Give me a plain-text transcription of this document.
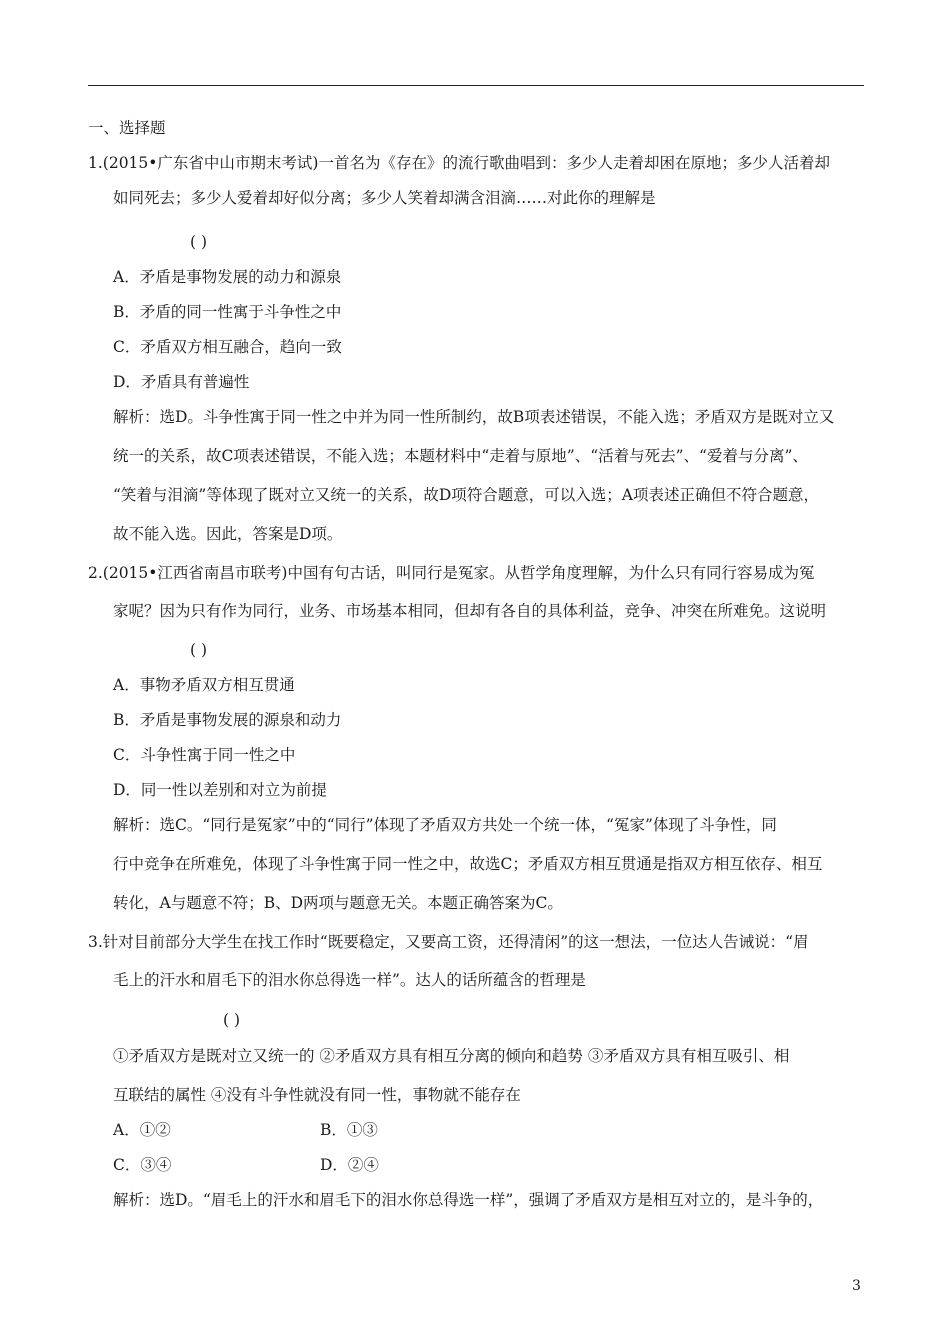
一、选择题
1.(2015•广东省中山市期末考试)一首名为《存在》的流行歌曲唱到：多少人走着却困在原地；多少人活着却
如同死去；多少人爱着却好似分离；多少人笑着却满含泪滴……对此你的理解是
( )
A．矛盾是事物发展的动力和源泉
B．矛盾的同一性寓于斗争性之中
C．矛盾双方相互融合，趋向一致
D．矛盾具有普遍性
解析：选D。斗争性寓于同一性之中并为同一性所制约，故B项表述错误，不能入选；矛盾双方是既对立又
统一的关系，故C项表述错误，不能入选；本题材料中“走着与原地”、“活着与死去”、“爱着与分离”、
“笑着与泪滴”等体现了既对立又统一的关系，故D项符合题意，可以入选；A项表述正确但不符合题意，
故不能入选。因此，答案是D项。
2.(2015•江西省南昌市联考)中国有句古话，叫同行是冤家。从哲学角度理解，为什么只有同行容易成为冤
家呢？因为只有作为同行，业务、市场基本相同，但却有各自的具体利益，竞争、冲突在所难免。这说明
( )
A．事物矛盾双方相互贯通
B．矛盾是事物发展的源泉和动力
C．斗争性寓于同一性之中
D．同一性以差别和对立为前提
解析：选C。“同行是冤家”中的“同行”体现了矛盾双方共处一个统一体，“冤家”体现了斗争性，同
行中竞争在所难免，体现了斗争性寓于同一性之中，故选C；矛盾双方相互贯通是指双方相互依存、相互
转化，A与题意不符；B、D两项与题意无关。本题正确答案为C。
3.针对目前部分大学生在找工作时“既要稳定，又要高工资，还得清闲”的这一想法，一位达人告诫说：“眉
毛上的汗水和眉毛下的泪水你总得选一样”。达人的话所蕴含的哲理是
( )
①矛盾双方是既对立又统一的 ②矛盾双方具有相互分离的倾向和趋势 ③矛盾双方具有相互吸引、相
互联结的属性 ④没有斗争性就没有同一性，事物就不能存在
A．①②	B．①③
C．③④	D．②④
解析：选D。“眉毛上的汗水和眉毛下的泪水你总得选一样”，强调了矛盾双方是相互对立的，是斗争的，
3
